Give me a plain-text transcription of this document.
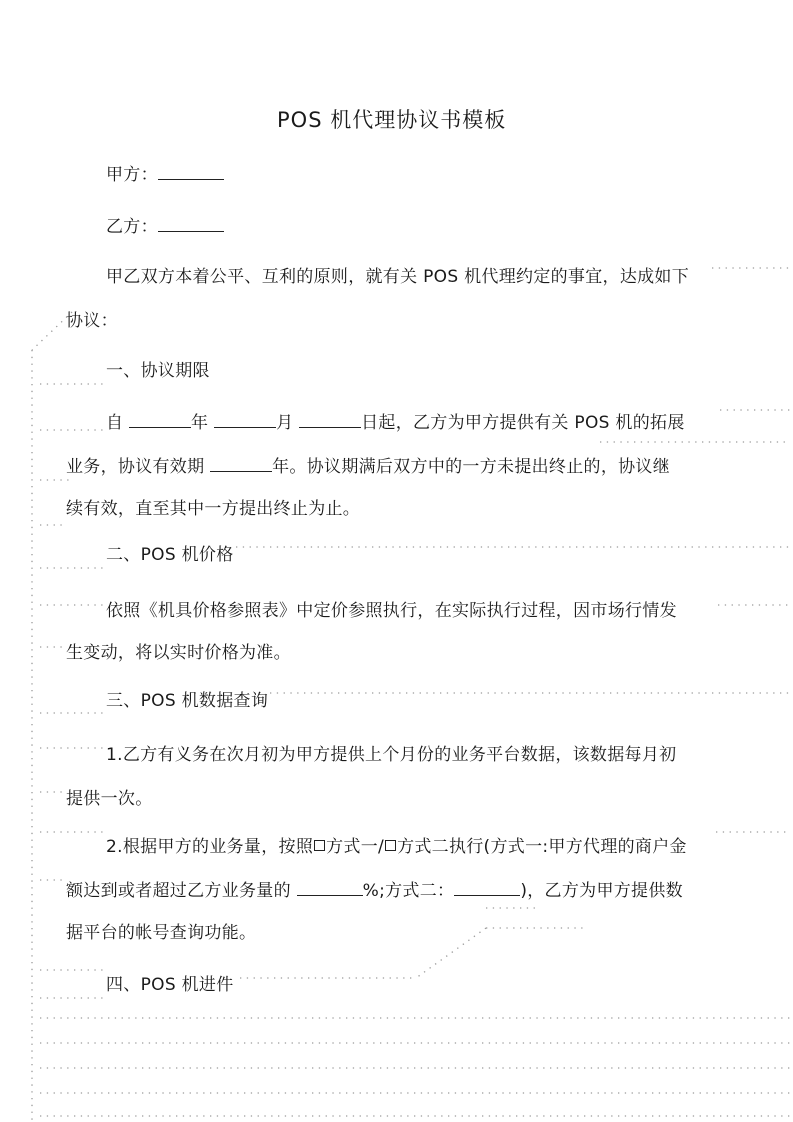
POS 机代理协议书模板
甲方：
乙方：
甲乙双方本着公平、互利的原则，就有关 POS 机代理约定的事宜，达成如下
协议：
一、协议期限
自	年	月	日起，乙方为甲方提供有关 POS 机的拓展
业务，协议有效期	年。协议期满后双方中的一方未提出终止的，协议继
续有效，直至其中一方提出终止为止。
二、POS 机价格
依照《机具价格参照表》中定价参照执行，在实际执行过程，因市场行情发
生变动，将以实时价格为准。
三、POS 机数据查询
1.乙方有义务在次月初为甲方提供上个月份的业务平台数据，该数据每月初
提供一次。
2.根据甲方的业务量，按照 方式一/ 方式二执行(方式一:甲方代理的商户金
额达到或者超过乙方业务量的	%;方式二：	)，乙方为甲方提供数
据平台的帐号查询功能。
四、POS 机进件
